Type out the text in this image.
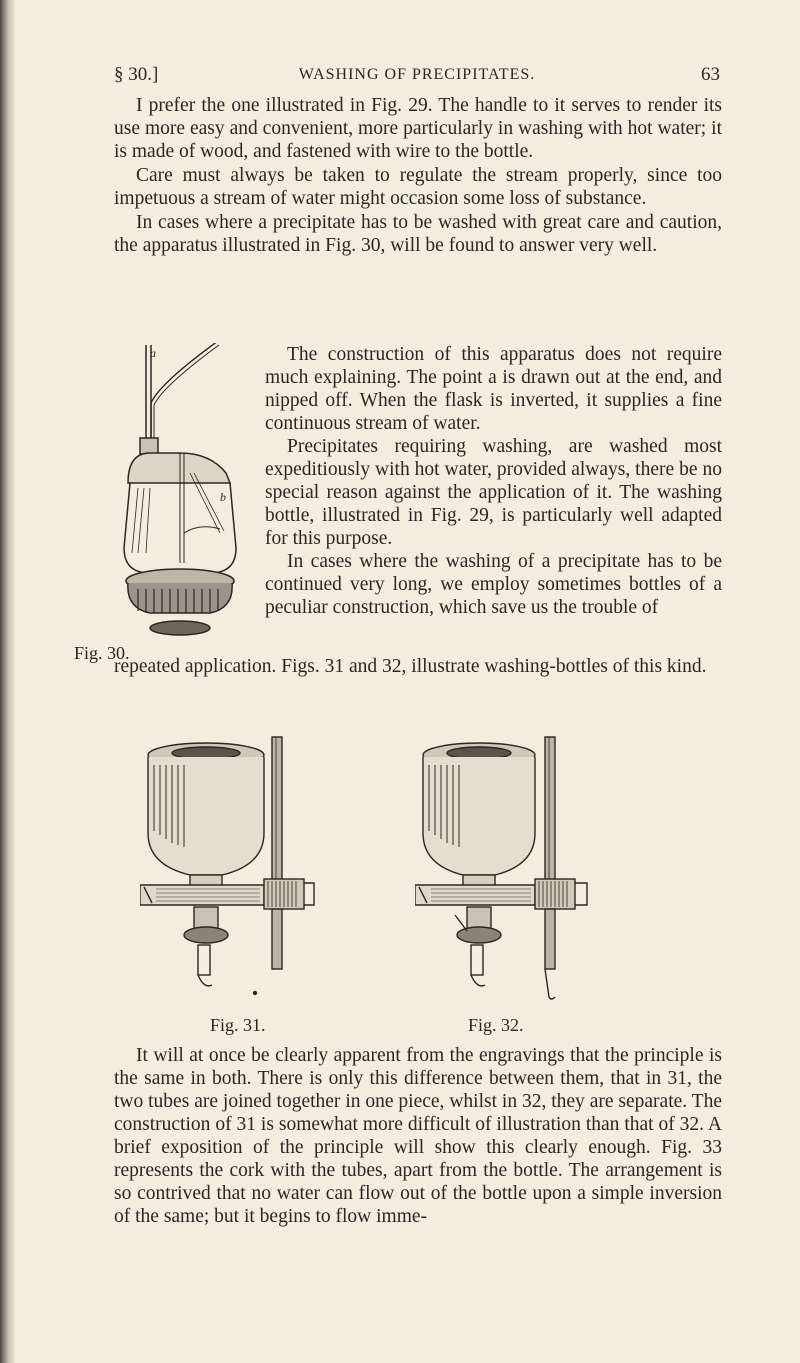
§ 30.]	WASHING OF PRECIPITATES.	63
I prefer the one illustrated in Fig. 29. The handle to it serves to render its use more easy and convenient, more particularly in washing with hot water; it is made of wood, and fastened with wire to the bottle.
Care must always be taken to regulate the stream properly, since too impetuous a stream of water might occasion some loss of substance.
In cases where a precipitate has to be washed with great care and caution, the apparatus illustrated in Fig. 30, will be found to answer very well.
a
b
The construction of this apparatus does not require much explaining. The point a is drawn out at the end, and nipped off. When the flask is inverted, it supplies a fine continuous stream of water.
Precipitates requiring washing, are washed most expeditiously with hot water, provided always, there be no special reason against the application of it. The washing bottle, illustrated in Fig. 29, is particularly well adapted for this purpose.
In cases where the washing of a precipitate has to be continued very long, we employ sometimes bottles of a peculiar construction, which save us the trouble of
Fig. 30.
repeated application. Figs. 31 and 32, illustrate washing-bottles of this kind.
Fig. 31.	Fig. 32.
It will at once be clearly apparent from the engravings that the principle is the same in both. There is only this difference between them, that in 31, the two tubes are joined together in one piece, whilst in 32, they are separate. The construction of 31 is somewhat more difficult of illustration than that of 32. A brief exposition of the principle will show this clearly enough. Fig. 33 represents the cork with the tubes, apart from the bottle. The arrangement is so contrived that no water can flow out of the bottle upon a simple inversion of the same; but it begins to flow imme-
